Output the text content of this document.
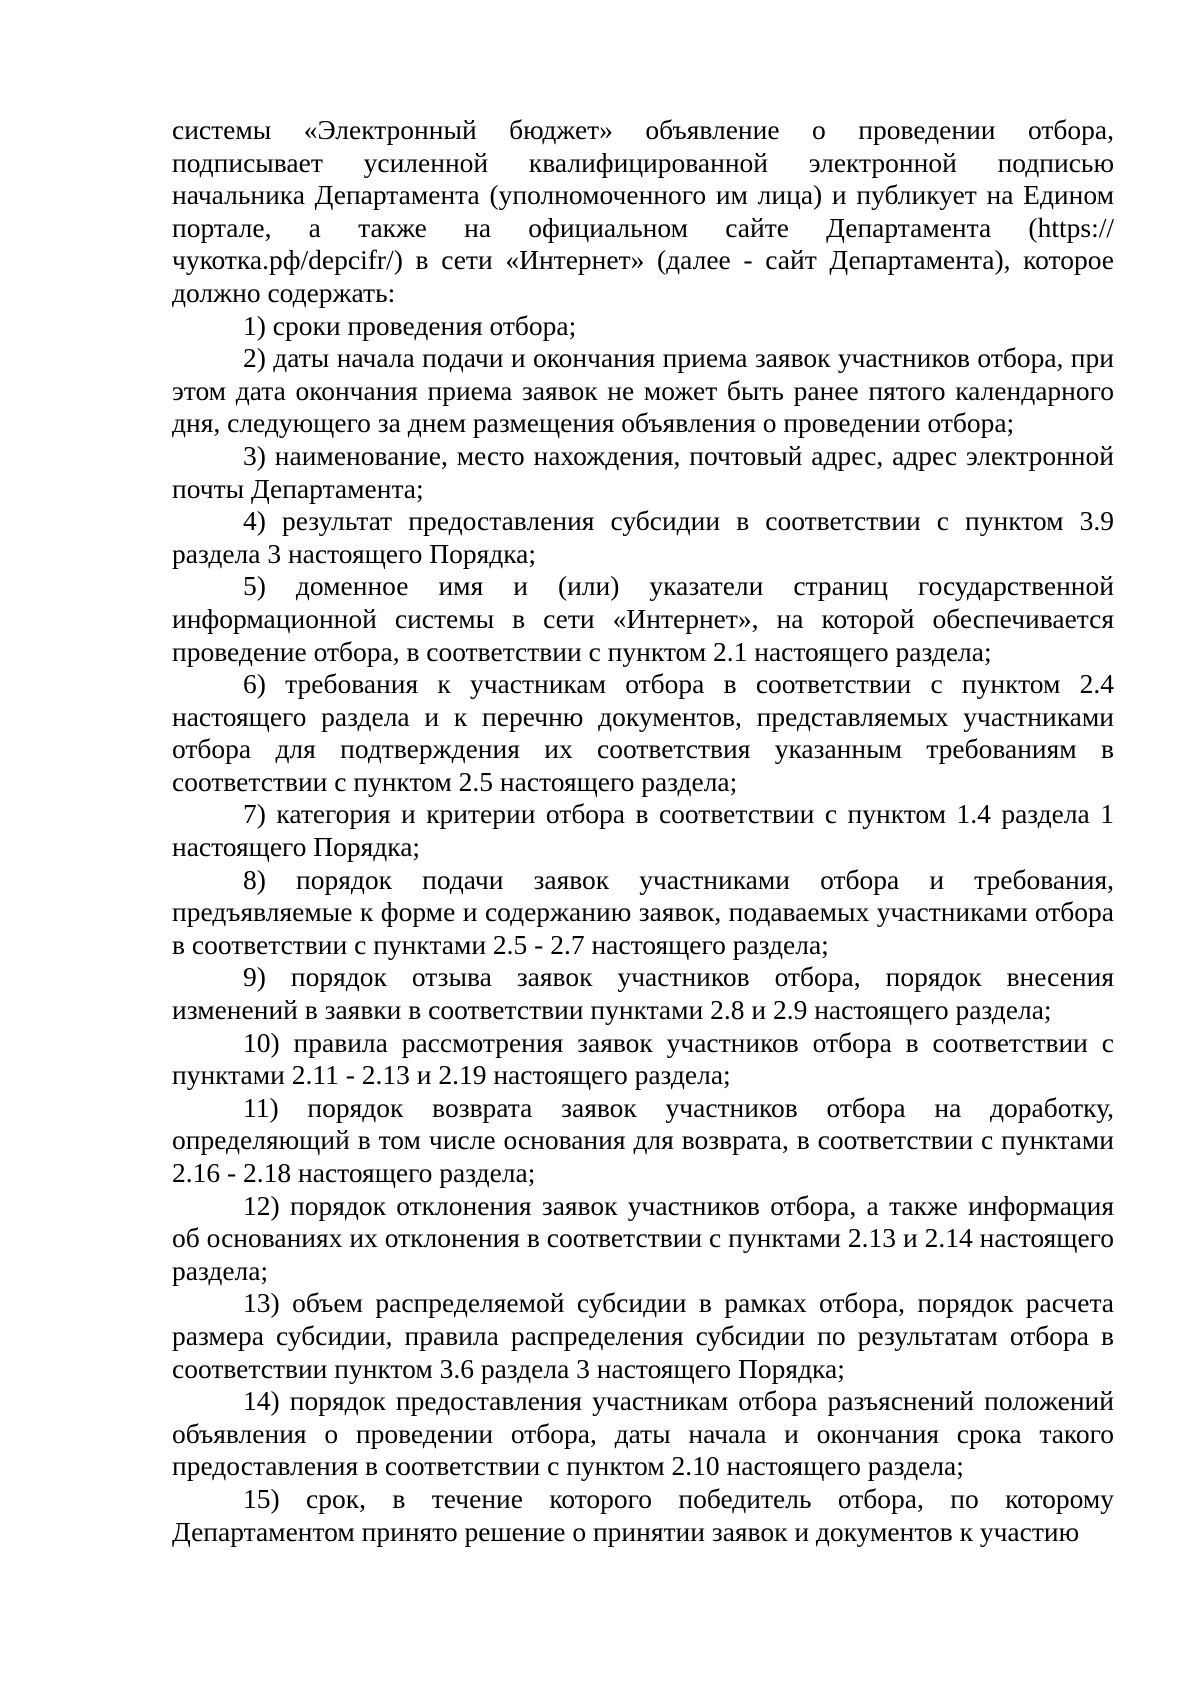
системы «Электронный бюджет» объявление о проведении отбора, подписывает усиленной квалифицированной электронной подписью начальника Департамента (уполномоченного им лица) и публикует на Едином портале, а также на официальном сайте Департамента (https://чукотка.рф/depcifr/) в сети «Интернет» (далее - сайт Департамента), которое должно содержать:

1) сроки проведения отбора;

2) даты начала подачи и окончания приема заявок участников отбора, при этом дата окончания приема заявок не может быть ранее пятого календарного дня, следующего за днем размещения объявления о проведении отбора;

3) наименование, место нахождения, почтовый адрес, адрес электронной почты Департамента;

4) результат предоставления субсидии в соответствии с пунктом 3.9 раздела 3 настоящего Порядка;

5) доменное имя и (или) указатели страниц государственной информационной системы в сети «Интернет», на которой обеспечивается проведение отбора, в соответствии с пунктом 2.1 настоящего раздела;

6) требования к участникам отбора в соответствии с пунктом 2.4 настоящего раздела и к перечню документов, представляемых участниками отбора для подтверждения их соответствия указанным требованиям в соответствии с пунктом 2.5 настоящего раздела;

7) категория и критерии отбора в соответствии с пунктом 1.4 раздела 1 настоящего Порядка;

8) порядок подачи заявок участниками отбора и требования, предъявляемые к форме и содержанию заявок, подаваемых участниками отбора в соответствии с пунктами 2.5 - 2.7 настоящего раздела;

9) порядок отзыва заявок участников отбора, порядок внесения изменений в заявки в соответствии пунктами 2.8 и 2.9 настоящего раздела;

10) правила рассмотрения заявок участников отбора в соответствии с пунктами 2.11 - 2.13 и 2.19 настоящего раздела;

11) порядок возврата заявок участников отбора на доработку, определяющий в том числе основания для возврата, в соответствии с пунктами 2.16 - 2.18 настоящего раздела;

12) порядок отклонения заявок участников отбора, а также информация об основаниях их отклонения в соответствии с пунктами 2.13 и 2.14 настоящего раздела;

13) объем распределяемой субсидии в рамках отбора, порядок расчета размера субсидии, правила распределения субсидии по результатам отбора в соответствии пунктом 3.6 раздела 3 настоящего Порядка;

14) порядок предоставления участникам отбора разъяснений положений объявления о проведении отбора, даты начала и окончания срока такого предоставления в соответствии с пунктом 2.10 настоящего раздела;

15) срок, в течение которого победитель отбора, по которому Департаментом принято решение о принятии заявок и документов к участию
